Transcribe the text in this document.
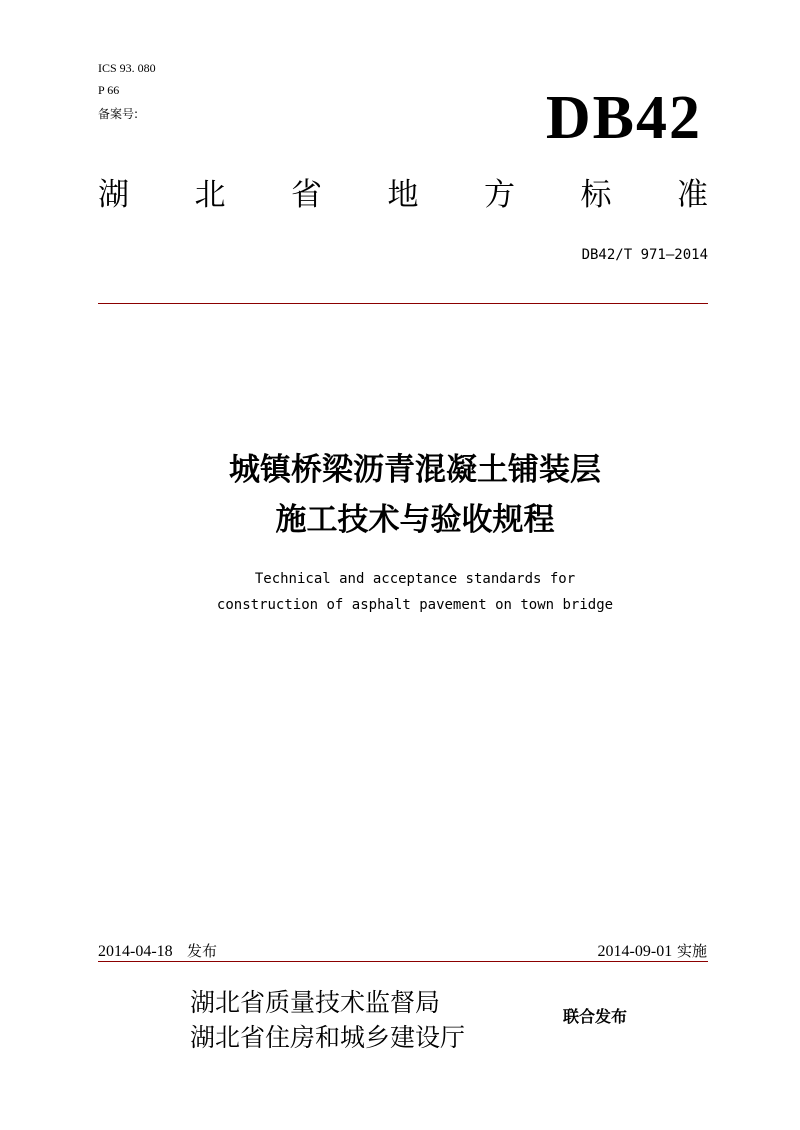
ICS 93. 080
P 66
备案号:	DB42
湖 北 省 地 方 标 准
DB42/T 971—2014
城镇桥梁沥青混凝土铺装层
施工技术与验收规程
Technical and acceptance standards for
construction of asphalt pavement on town bridge
2014-04-18 发布	2014-09-01 实施
湖北省质量技术监督局
湖北省住房和城乡建设厅
联合发布
